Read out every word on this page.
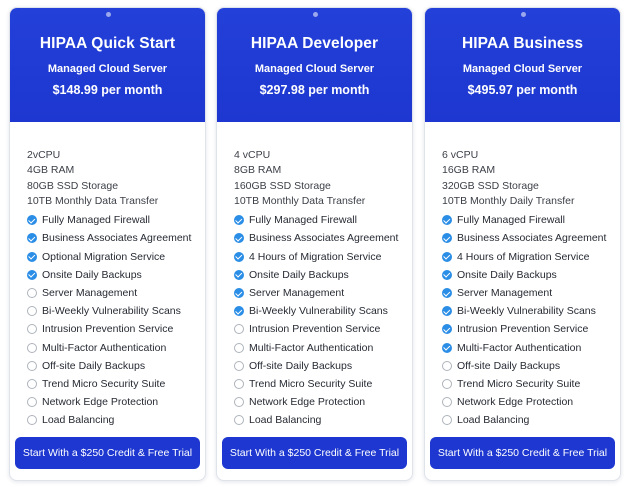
HIPAA Quick Start
Managed Cloud Server
$148.99 per month
2vCPU
4GB RAM
80GB SSD Storage
10TB Monthly Data Transfer
Fully Managed Firewall
Business Associates Agreement
Optional Migration Service
Onsite Daily Backups
Server Management
Bi-Weekly Vulnerability Scans
Intrusion Prevention Service
Multi-Factor Authentication
Off-site Daily Backups
Trend Micro Security Suite
Network Edge Protection
Load Balancing
Start With a $250 Credit & Free Trial
HIPAA Developer
Managed Cloud Server
$297.98 per month
4 vCPU
8GB RAM
160GB SSD Storage
10TB Monthly Data Transfer
Fully Managed Firewall
Business Associates Agreement
4 Hours of Migration Service
Onsite Daily Backups
Server Management
Bi-Weekly Vulnerability Scans
Intrusion Prevention Service
Multi-Factor Authentication
Off-site Daily Backups
Trend Micro Security Suite
Network Edge Protection
Load Balancing
Start With a $250 Credit & Free Trial
HIPAA Business
Managed Cloud Server
$495.97 per month
6 vCPU
16GB RAM
320GB SSD Storage
10TB Monthly Daily Transfer
Fully Managed Firewall
Business Associates Agreement
4 Hours of Migration Service
Onsite Daily Backups
Server Management
Bi-Weekly Vulnerability Scans
Intrusion Prevention Service
Multi-Factor Authentication
Off-site Daily Backups
Trend Micro Security Suite
Network Edge Protection
Load Balancing
Start With a $250 Credit & Free Trial
